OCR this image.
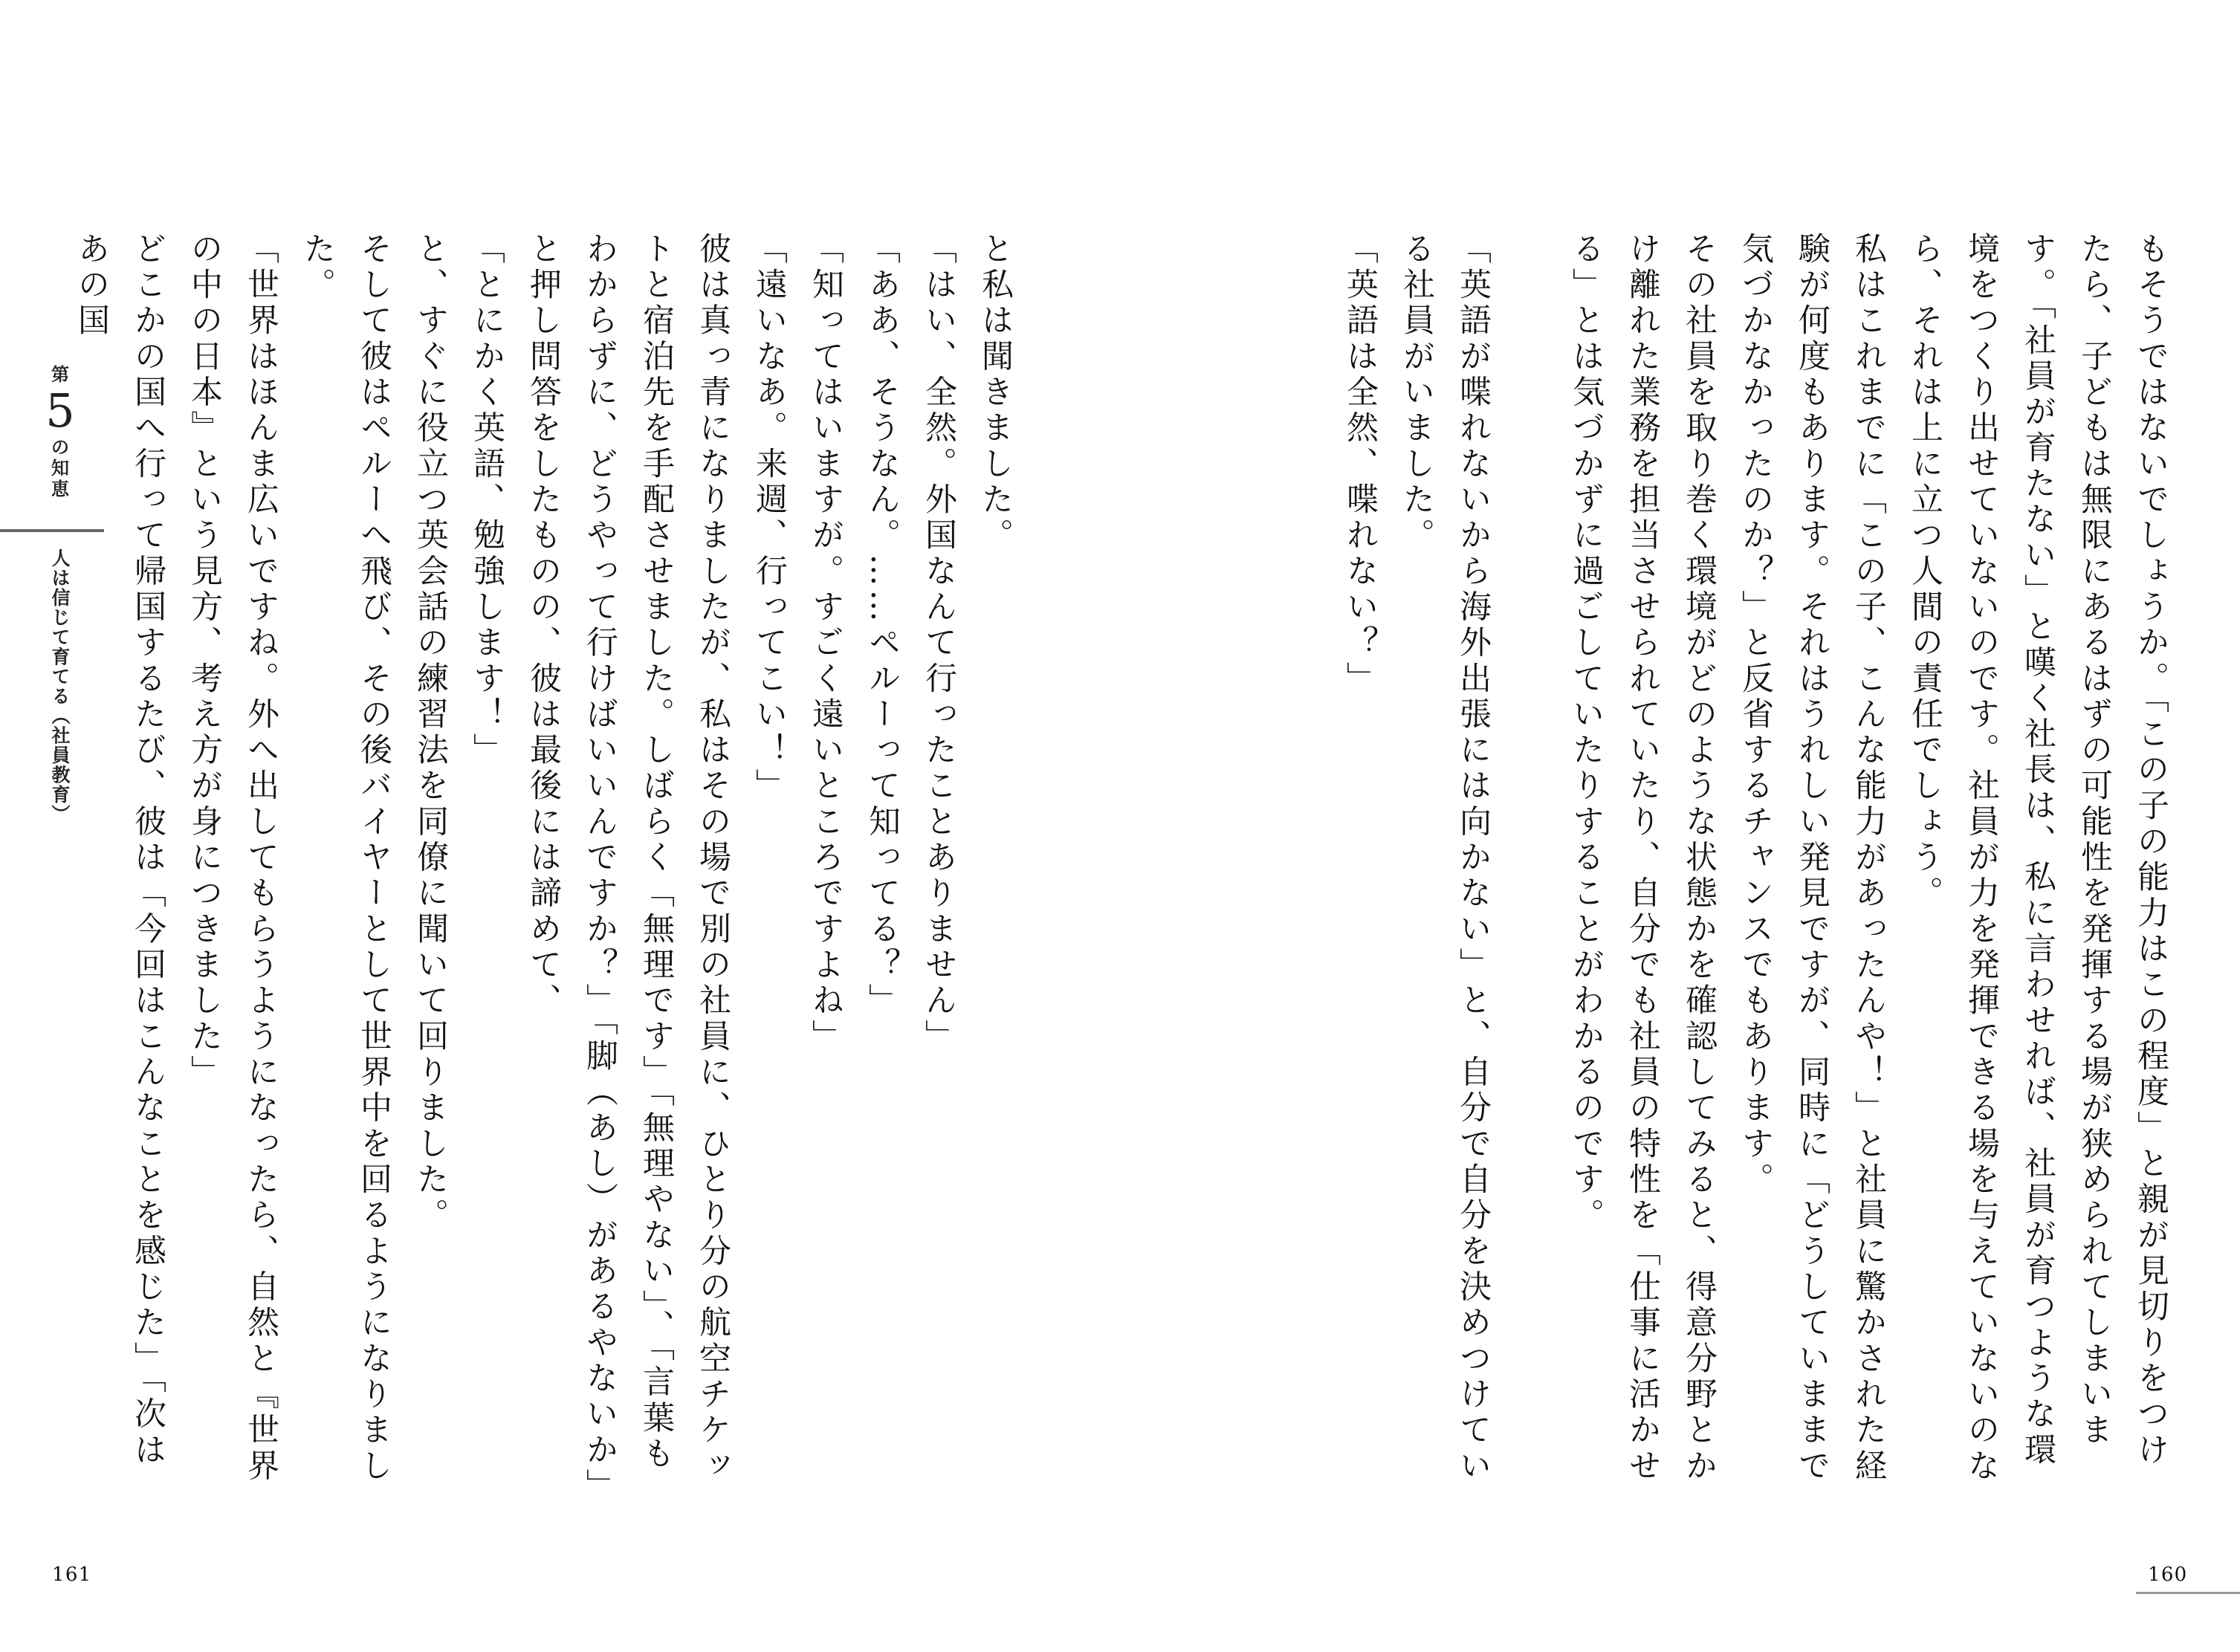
第
5
の知恵
人は信じて育てる（社員教育）

と私は聞きました。

「はい、全然。外国なんて行ったことありません」

「ああ、そうなん。……ペルーって知ってる？」

「知ってはいますが。すごく遠いところですよね」

「遠いなあ。来週、行ってこい！」

彼は真っ青になりましたが、私はその場で別の社員に、ひとり分の航空チケットと宿泊先を手配させました。しばらく「無理です」「無理やない」、「言葉もわからずに、どうやって行けばいいんですか？」「脚（あし）があるやないか」と押し問答をしたものの、彼は最後には諦めて、

「とにかく英語、勉強します！」

と、すぐに役立つ英会話の練習法を同僚に聞いて回りました。

そして彼はペルーへ飛び、その後バイヤーとして世界中を回るようになりました。

「世界はほんま広いですね。外へ出してもらうようになったら、自然と『世界の中の日本』という見方、考え方が身につきました」

どこかの国へ行って帰国するたび、彼は「今回はこんなことを感じた」「次はあの国

161

もそうではないでしょうか。「この子の能力はこの程度」と親が見切りをつけたら、子どもは無限にあるはずの可能性を発揮する場が狭められてしまいます。「社員が育たない」と嘆く社長は、私に言わせれば、社員が育つような環境をつくり出せていないのです。社員が力を発揮できる場を与えていないのなら、それは上に立つ人間の責任でしょう。

私はこれまでに「この子、こんな能力があったんや！」と社員に驚かされた経験が何度もあります。それはうれしい発見ですが、同時に「どうしていままで気づかなかったのか？」と反省するチャンスでもあります。

その社員を取り巻く環境がどのような状態かを確認してみると、得意分野とかけ離れた業務を担当させられていたり、自分でも社員の特性を「仕事に活かせる」とは気づかずに過ごしていたりすることがわかるのです。

「英語が喋れないから海外出張には向かない」と、自分で自分を決めつけている社員がいました。

「英語は全然、喋れない？」

160
